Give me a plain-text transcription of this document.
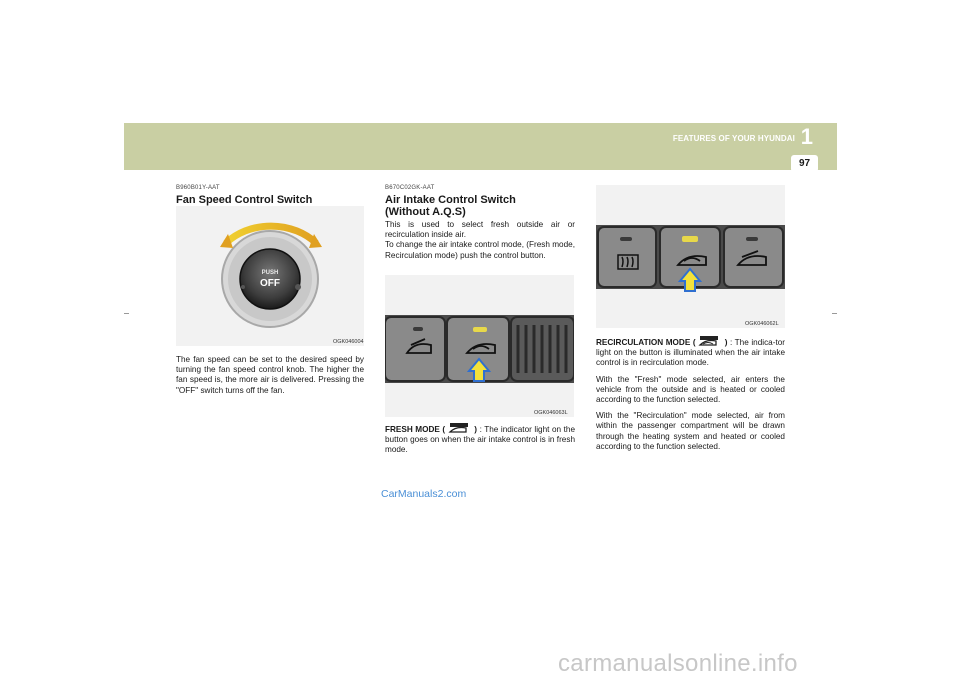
FEATURES OF YOUR HYUNDAI 1
97
B960B01Y-AAT
Fan Speed Control Switch
PUSH
OFF
OGK046004
The fan speed can be set to the desired speed by turning the fan speed control knob. The higher the fan speed is, the more air is delivered. Pressing the "OFF" switch turns off the fan.
B670C02GK-AAT
Air Intake Control Switch
(Without A.Q.S)
This is used to select fresh outside air or recirculation inside air.
To change the air intake control mode, (Fresh mode, Recirculation mode) push the control button.
OGK046063L
FRESH MODE (	) : The indicator light on the button goes on when the air intake control is in fresh mode.
OGK046062L
RECIRCULATION MODE (	) : The indica-tor light on the button is illuminated when the air intake control is in recirculation mode.
With the "Fresh" mode selected, air enters the vehicle from the outside and is heated or cooled according to the function selected.
With the "Recirculation" mode selected, air from within the passenger compartment will be drawn through the heating system and heated or cooled according to the function selected.
CarManuals2.com
carmanualsonline.info
